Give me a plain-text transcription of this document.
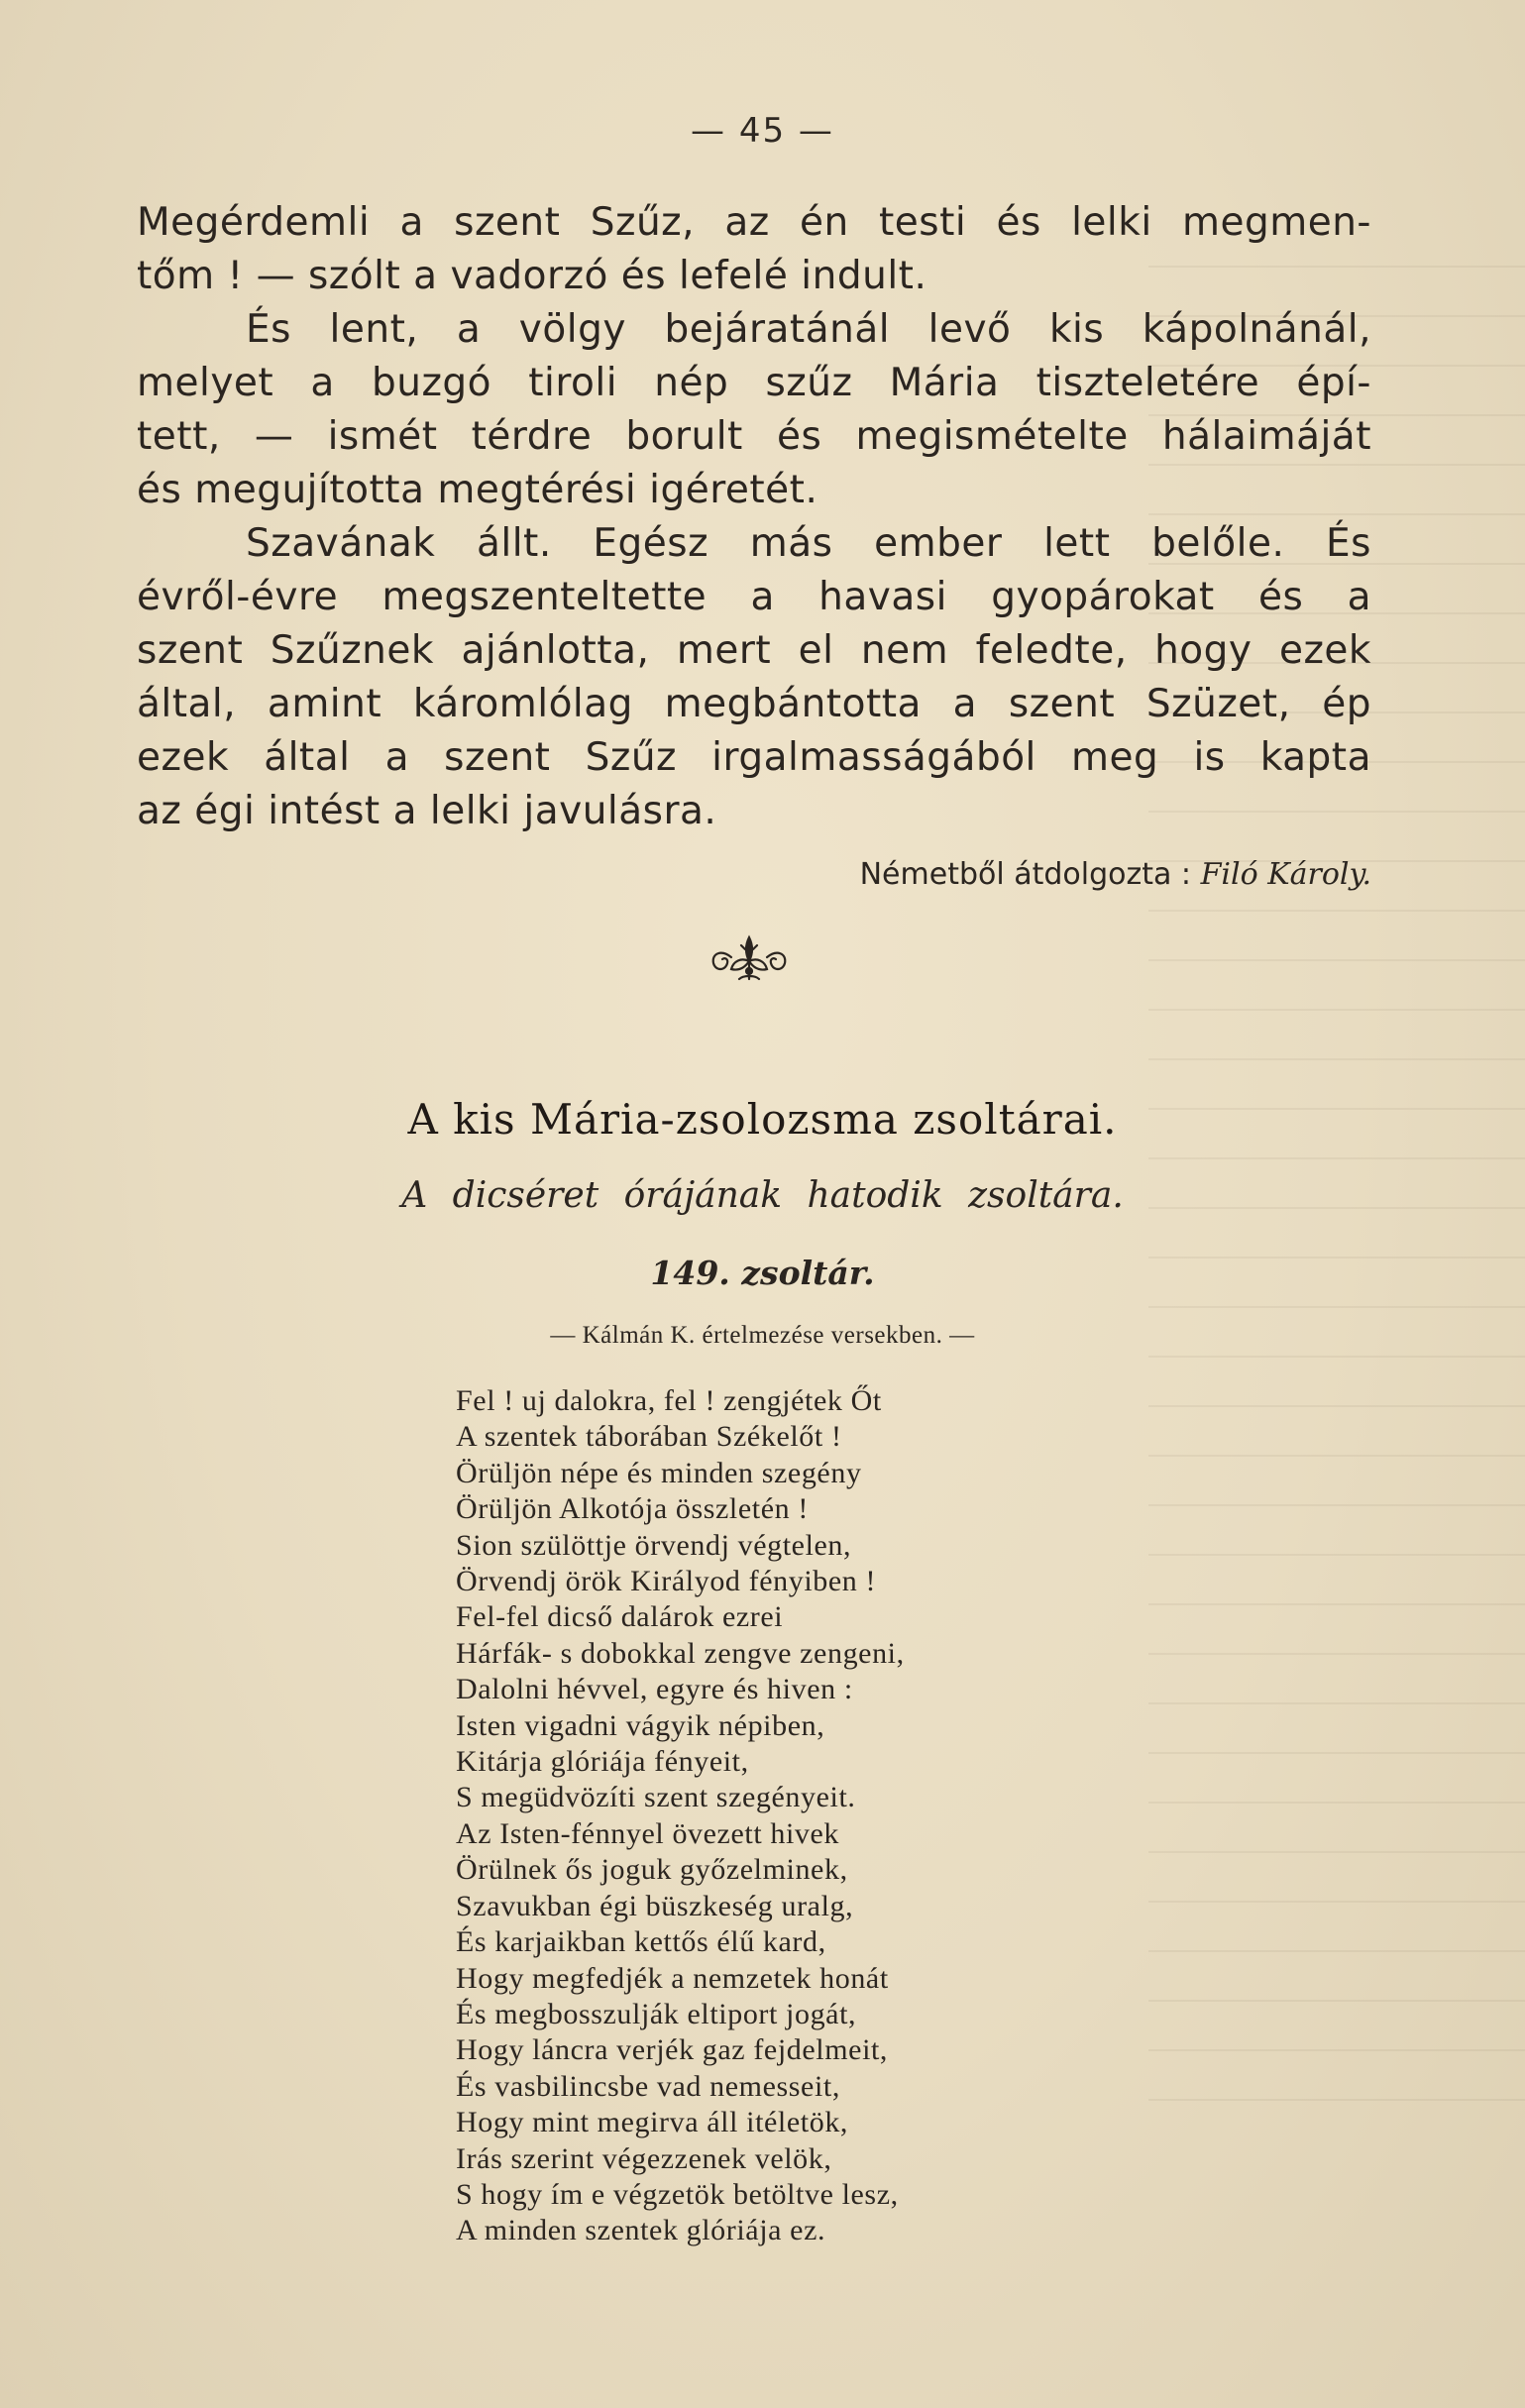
— 45 —
Megérdemli a szent Szűz, az én testi és lelki megmen-
tőm ! — szólt a vadorzó és lefelé indult.
És lent, a völgy bejáratánál levő kis kápolnánál,
melyet a buzgó tiroli nép szűz Mária tiszteletére épí-
tett, — ismét térdre borult és megismételte hálaimáját
és megujította megtérési igéretét.
Szavának állt. Egész más ember lett belőle. És
évről-évre megszenteltette a havasi gyopárokat és a
szent Szűznek ajánlotta, mert el nem feledte, hogy ezek
által, amint káromlólag megbántotta a szent Szüzet, ép
ezek által a szent Szűz irgalmasságából meg is kapta
az égi intést a lelki javulásra.
Németből átdolgozta : Filó Károly.
A kis Mária-zsolozsma zsoltárai.
A dicséret órájának hatodik zsoltára.
149. zsoltár.
— Kálmán K. értelmezése versekben. —
Fel ! uj dalokra, fel ! zengjétek Őt
A szentek táborában Székelőt !
Örüljön népe és minden szegény
Örüljön Alkotója összletén !
Sion szülöttje örvendj végtelen,
Örvendj örök Királyod fényiben !
Fel-fel dicső dalárok ezrei
Hárfák- s dobokkal zengve zengeni,
Dalolni hévvel, egyre és hiven :
Isten vigadni vágyik népiben,
Kitárja glóriája fényeit,
S megüdvözíti szent szegényeit.
Az Isten-fénnyel övezett hivek
Örülnek ős joguk győzelminek,
Szavukban égi büszkeség uralg,
És karjaikban kettős élű kard,
Hogy megfedjék a nemzetek honát
És megbosszulják eltiport jogát,
Hogy láncra verjék gaz fejdelmeit,
És vasbilincsbe vad nemesseit,
Hogy mint megirva áll itéletök,
Irás szerint végezzenek velök,
S hogy ím e végzetök betöltve lesz,
A minden szentek glóriája ez.
